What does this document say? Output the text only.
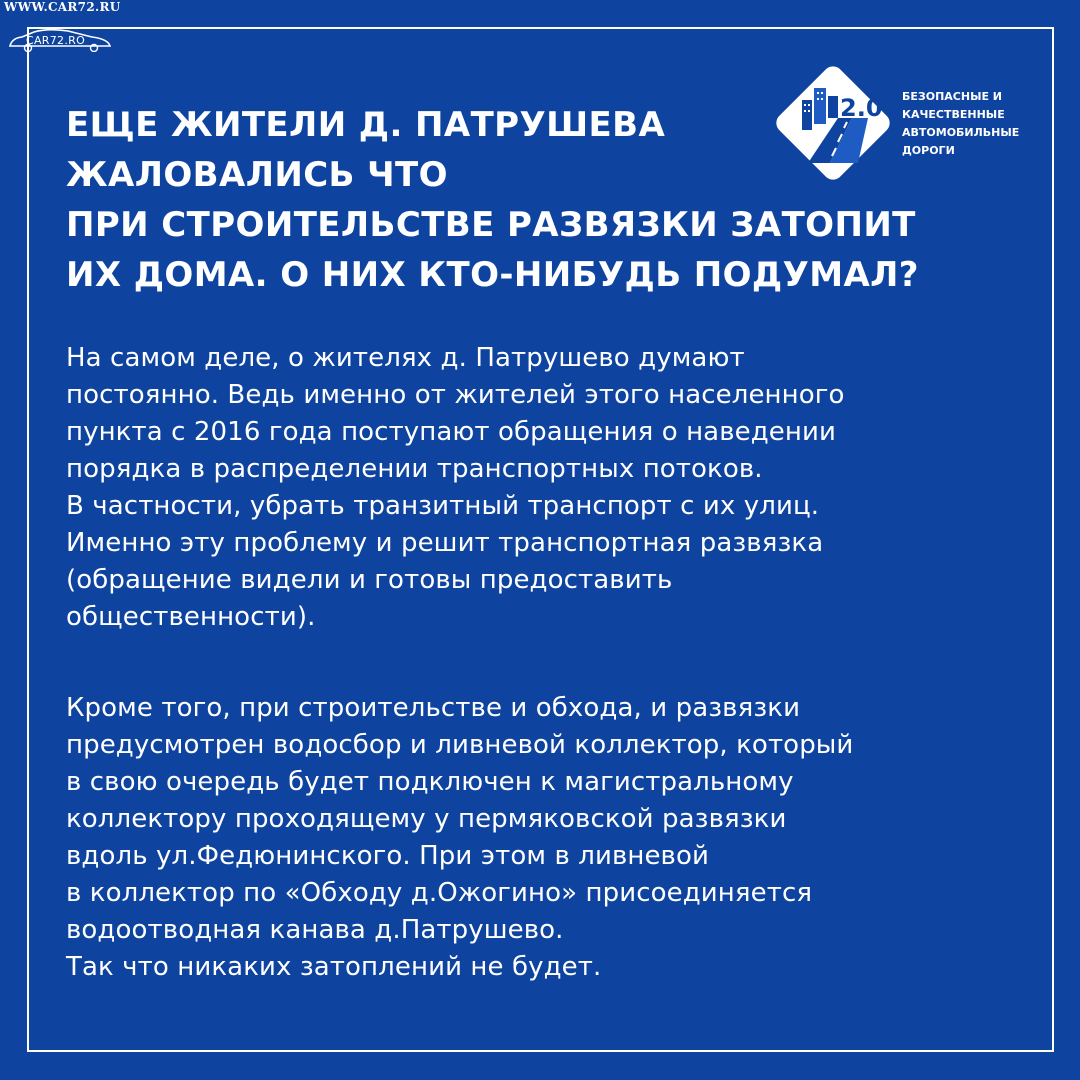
WWW.CAR72.RU
CAR72.RO
2.0 БЕЗОПАСНЫЕ И
КАЧЕСТВЕННЫЕ
АВТОМОБИЛЬНЫЕ
ДОРОГИ
ЕЩЕ ЖИТЕЛИ Д. ПАТРУШЕВА
ЖАЛОВАЛИСЬ ЧТО
ПРИ СТРОИТЕЛЬСТВЕ РАЗВЯЗКИ ЗАТОПИТ
ИХ ДОМА. О НИХ КТО-НИБУДЬ ПОДУМАЛ?

На самом деле, о жителях д. Патрушево думают
постоянно. Ведь именно от жителей этого населенного
пункта с 2016 года поступают обращения о наведении
порядка в распределении транспортных потоков.
В частности, убрать транзитный транспорт с их улиц.
Именно эту проблему и решит транспортная развязка
(обращение видели и готовы предоставить
общественности).

Кроме того, при строительстве и обхода, и развязки
предусмотрен водосбор и ливневой коллектор, который
в свою очередь будет подключен к магистральному
коллектору проходящему у пермяковской развязки
вдоль ул.Федюнинского. При этом в ливневой
в коллектор по «Обходу д.Ожогино» присоединяется
водоотводная канава д.Патрушево.
Так что никаких затоплений не будет.
